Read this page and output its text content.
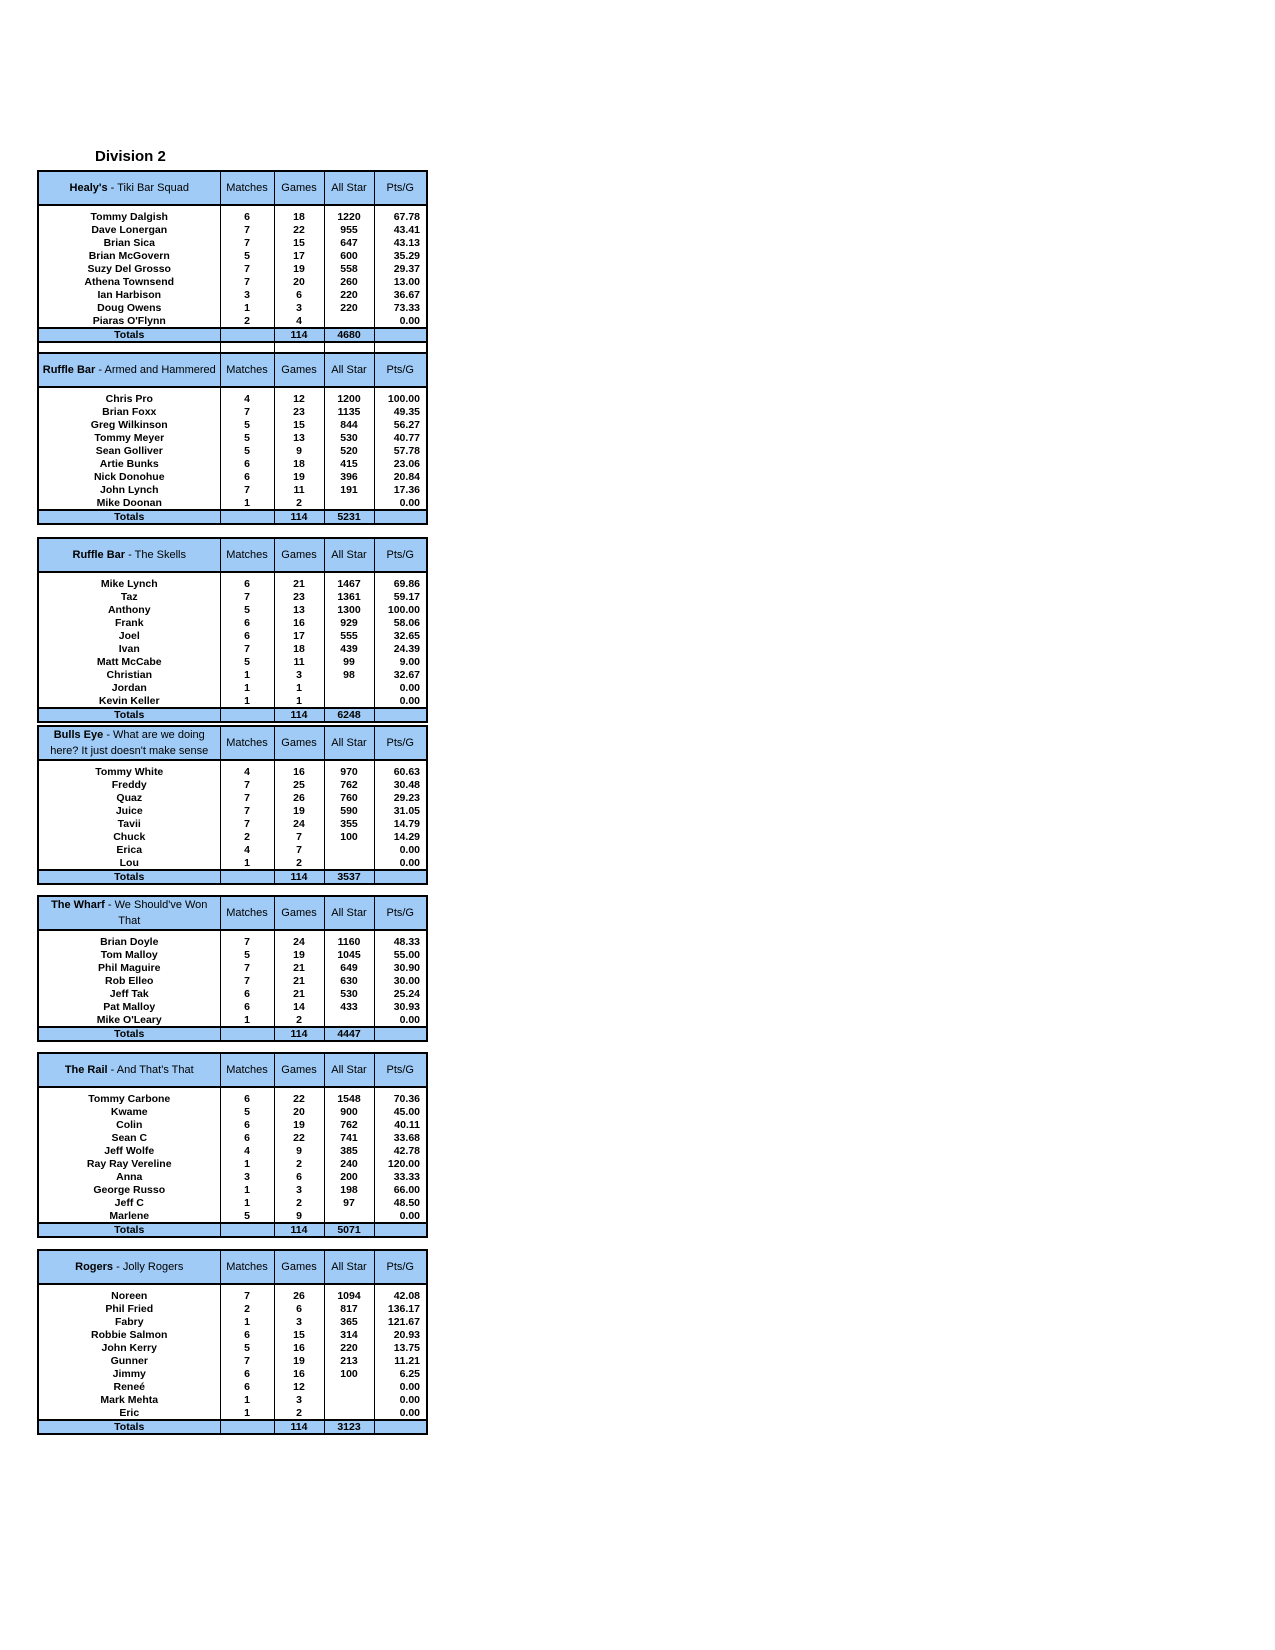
Division 2
Healy's - Tiki Bar Squad	Matches	Games	All Star	Pts/G

Tommy Dalgish	6	18	1220	67.78
Dave Lonergan	7	22	955	43.41
Brian Sica	7	15	647	43.13
Brian McGovern	5	17	600	35.29
Suzy Del Grosso	7	19	558	29.37
Athena Townsend	7	20	260	13.00
Ian Harbison	3	6	220	36.67
Doug Owens	1	3	220	73.33
Piaras O'Flynn	2	4		0.00
Totals		114	4680	

Ruffle Bar - Armed and Hammered	Matches	Games	All Star	Pts/G

Chris Pro	4	12	1200	100.00
Brian Foxx	7	23	1135	49.35
Greg Wilkinson	5	15	844	56.27
Tommy Meyer	5	13	530	40.77
Sean Golliver	5	9	520	57.78
Artie Bunks	6	18	415	23.06
Nick Donohue	6	19	396	20.84
John Lynch	7	11	191	17.36
Mike Doonan	1	2		0.00
Totals		114	5231	
Ruffle Bar - The Skells	Matches	Games	All Star	Pts/G

Mike Lynch	6	21	1467	69.86
Taz	7	23	1361	59.17
Anthony	5	13	1300	100.00
Frank	6	16	929	58.06
Joel	6	17	555	32.65
Ivan	7	18	439	24.39
Matt McCabe	5	11	99	9.00
Christian	1	3	98	32.67
Jordan	1	1		0.00
Kevin Keller	1	1		0.00
Totals		114	6248	
Bulls Eye - What are we doing here? It just doesn't make sense	Matches	Games	All Star	Pts/G

Tommy White	4	16	970	60.63
Freddy	7	25	762	30.48
Quaz	7	26	760	29.23
Juice	7	19	590	31.05
Tavii	7	24	355	14.79
Chuck	2	7	100	14.29
Erica	4	7		0.00
Lou	1	2		0.00
Totals		114	3537	
The Wharf - We Should've Won That	Matches	Games	All Star	Pts/G

Brian Doyle	7	24	1160	48.33
Tom Malloy	5	19	1045	55.00
Phil Maguire	7	21	649	30.90
Rob Elleo	7	21	630	30.00
Jeff Tak	6	21	530	25.24
Pat Malloy	6	14	433	30.93
Mike O'Leary	1	2		0.00
Totals		114	4447	
The Rail - And That's That	Matches	Games	All Star	Pts/G

Tommy Carbone	6	22	1548	70.36
Kwame	5	20	900	45.00
Colin	6	19	762	40.11
Sean C	6	22	741	33.68
Jeff Wolfe	4	9	385	42.78
Ray Ray Vereline	1	2	240	120.00
Anna	3	6	200	33.33
George Russo	1	3	198	66.00
Jeff C	1	2	97	48.50
Marlene	5	9		0.00
Totals		114	5071	
Rogers - Jolly Rogers	Matches	Games	All Star	Pts/G

Noreen	7	26	1094	42.08
Phil Fried	2	6	817	136.17
Fabry	1	3	365	121.67
Robbie Salmon	6	15	314	20.93
John Kerry	5	16	220	13.75
Gunner	7	19	213	11.21
Jimmy	6	16	100	6.25
Reneé	6	12		0.00
Mark Mehta	1	3		0.00
Eric	1	2		0.00
Totals		114	3123	
